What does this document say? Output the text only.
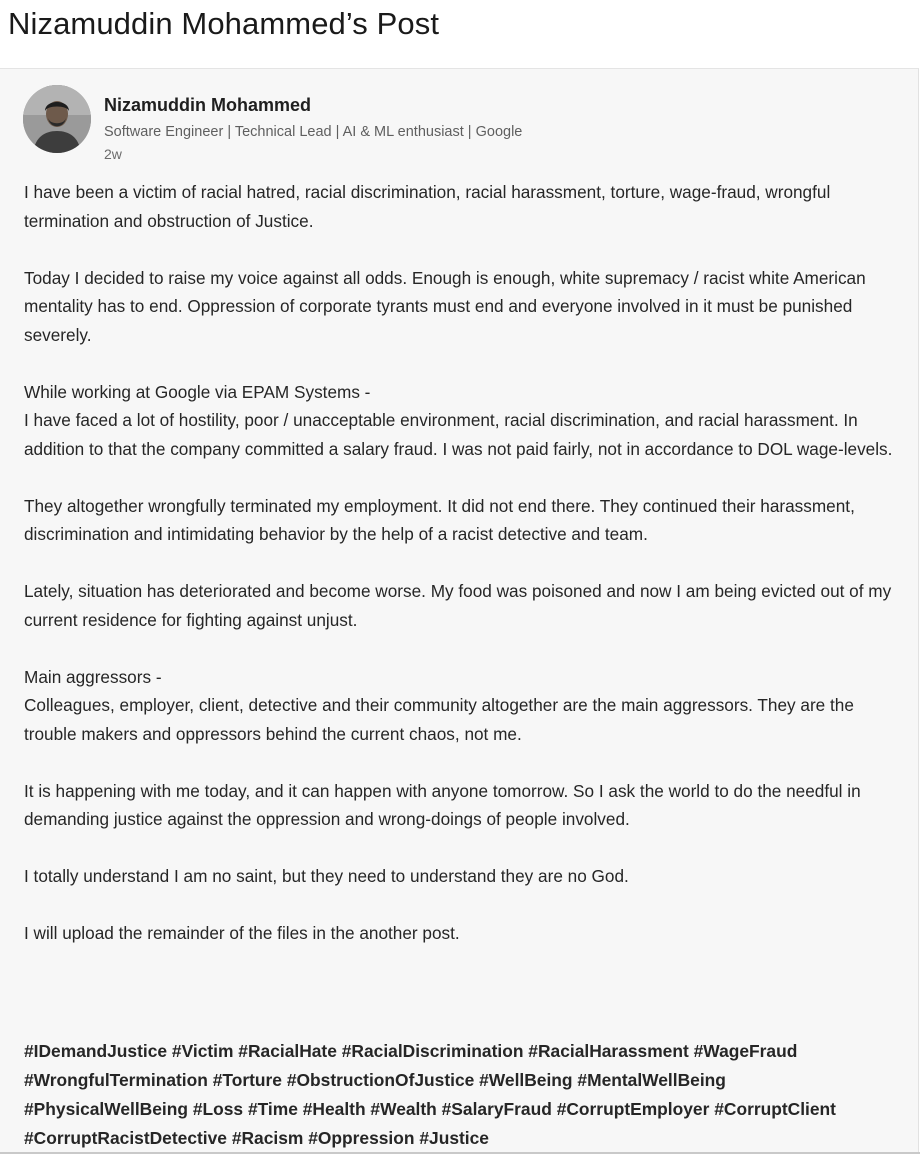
Nizamuddin Mohammed’s Post
Nizamuddin Mohammed
Software Engineer | Technical Lead | AI & ML enthusiast | Google
2w

I have been a victim of racial hatred, racial discrimination, racial harassment, torture, wage-fraud, wrongful termination and obstruction of Justice.

Today I decided to raise my voice against all odds. Enough is enough, white supremacy / racist white American mentality has to end. Oppression of corporate tyrants must end and everyone involved in it must be punished severely.

While working at Google via EPAM Systems -

I have faced a lot of hostility, poor / unacceptable environment, racial discrimination, and racial harassment. In addition to that the company committed a salary fraud. I was not paid fairly, not in accordance to DOL wage-levels.

They altogether wrongfully terminated my employment. It did not end there. They continued their harassment, discrimination and intimidating behavior by the help of a racist detective and team.

Lately, situation has deteriorated and become worse. My food was poisoned and now I am being evicted out of my current residence for fighting against unjust.

Main aggressors -

Colleagues, employer, client, detective and their community altogether are the main aggressors. They are the trouble makers and oppressors behind the current chaos, not me.

It is happening with me today, and it can happen with anyone tomorrow. So I ask the world to do the needful in demanding justice against the oppression and wrong-doings of people involved.

I totally understand I am no saint, but they need to understand they are no God.

I will upload the remainder of the files in the another post.

#IDemandJustice #Victim #RacialHate #RacialDiscrimination #RacialHarassment #WageFraud
#WrongfulTermination #Torture #ObstructionOfJustice #WellBeing #MentalWellBeing
#PhysicalWellBeing #Loss #Time #Health #Wealth #SalaryFraud #CorruptEmployer #CorruptClient
#CorruptRacistDetective #Racism #Oppression #Justice
